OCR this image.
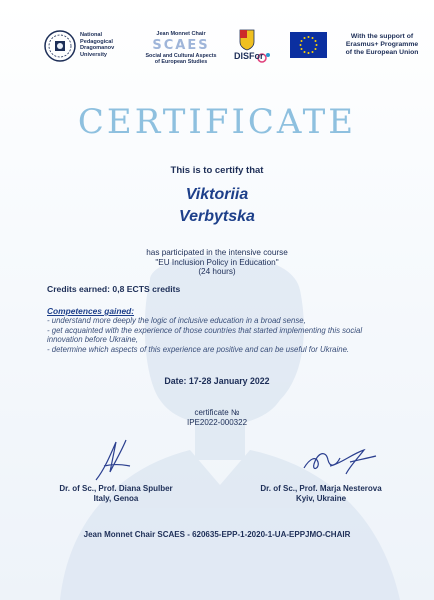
National
Pedagogical
Dragomanov
University
Jean Monnet Chair
SCAES
Social and Cultural Aspects
of European Studies
DISFor
With the support of
Erasmus+ Programme
of the European Union
CERTIFICATE
This is to certify that
Viktoriia
Verbytska
has participated in the intensive course
"EU Inclusion Policy in Education"
(24 hours)
Credits earned: 0,8 ECTS credits
Competences gained:
- understand more deeply the logic of inclusive education in a broad sense,
- get acquainted with the experience of those countries that started implementing this social
innovation before Ukraine,
- determine which aspects of this experience are positive and can be useful for Ukraine.
Date: 17-28 January 2022
certificate №
IPE2022-000322
Dr. of Sc., Prof. Diana Spulber
Italy, Genoa
Dr. of Sc., Prof. Marja Nesterova
Kyiv, Ukraine
Jean Monnet Chair SCAES - 620635-EPP-1-2020-1-UA-EPPJMO-CHAIR
